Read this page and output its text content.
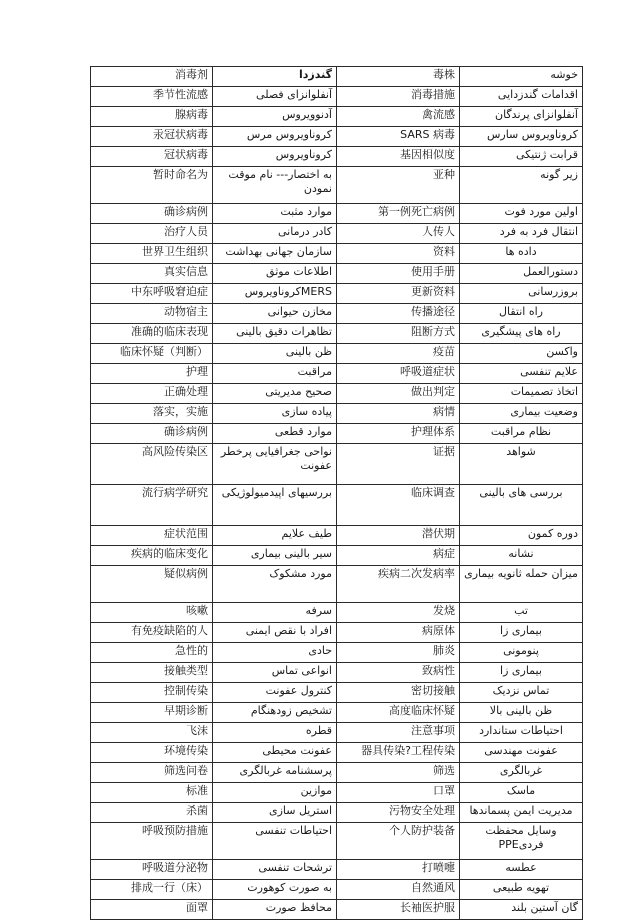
消毒剂	گندزدا	毒株	خوشه

季节性流感	آنفلوانزای فصلی	消毒措施	اقدامات گندزدایی

腺病毒	آدنوویروس	禽流感	آنفلوانزای پرندگان

汞冠状病毒	کروناویروس مرس	SARS 病毒	کروناویروس سارس

冠状病毒	کروناویروس	基因相似度	قرابت ژنتیکی

暂时命名为	به اختصار--- نام موقت نمودن	亚种	زیر گونه

确诊病例	موارد مثبت	第一例死亡病例	اولین مورد فوت

治疗人员	کادر درمانی	人传人	انتقال فرد به فرد

世界卫生组织	سازمان جهانی بهداشت	资料	داده ها

真实信息	اطلاعات موثق	使用手册	دستورالعمل

中东呼吸窘迫症	MERSکروناویروس	更新资料	بروزرسانی

动物宿主	مخازن حیوانی	传播途径	راه انتقال

准确的临床表现	تظاهرات دقیق بالینی	阻断方式	راه های پیشگیری

临床怀疑（判断）	ظن بالینی	疫苗	واکسن

护理	مراقبت	呼吸道症状	علایم تنفسی

正确处理	صحیح مدیریتی	做出判定	اتخاذ تصمیمات

落实，实施	پیاده سازی	病情	وضعیت بیماری

确诊病例	موارد قطعی	护理体系	نظام مراقبت

高风险传染区	نواحی جغرافیایی پرخطر عفونت	证据	شواهد

流行病学研究	بررسیهای اپیدمیولوژیکی	临床调查	بررسی های بالینی

症状范围	طیف علایم	潜伏期	دوره کمون

疾病的临床变化	سیر بالینی بیماری	病症	نشانه

疑似病例	مورد مشکوک	疾病二次发病率	میزان حمله ثانویه بیماری

咳嗽	سرفه	发烧	تب

有免疫缺陷的人	افراد با نقص ایمنی	病原体	بیماری زا

急性的	حادی	肺炎	پنومونی

接触类型	انواعی تماس	致病性	بیماری زا

控制传染	کنترول عفونت	密切接触	تماس نزدیک

早期诊断	تشخیص زودهنگام	高度临床怀疑	ظن بالینی بالا

飞沫	قطره	注意事项	احتیاطات ستاندارد

环境传染	عفونت محیطی	器具传染?工程传染	عفونت مهندسی

筛选问卷	پرسشنامه غربالگری	筛选	غربالگری

标准	موازین	口罩	ماسک

杀菌	استریل سازی	污物安全处理	مدیریت ایمن پسماندها

呼吸预防措施	احتیاطات تنفسی	个人防护装备	وسایل محفظت فردیPPE

呼吸道分泌物	ترشحات تنفسی	打喷嚏	عطسه

排成一行（床）	به صورت کوهورت	自然通风	تهویه طبیعی

面罩	محافظ صورت	长袖医护服	گان آستین بلند
